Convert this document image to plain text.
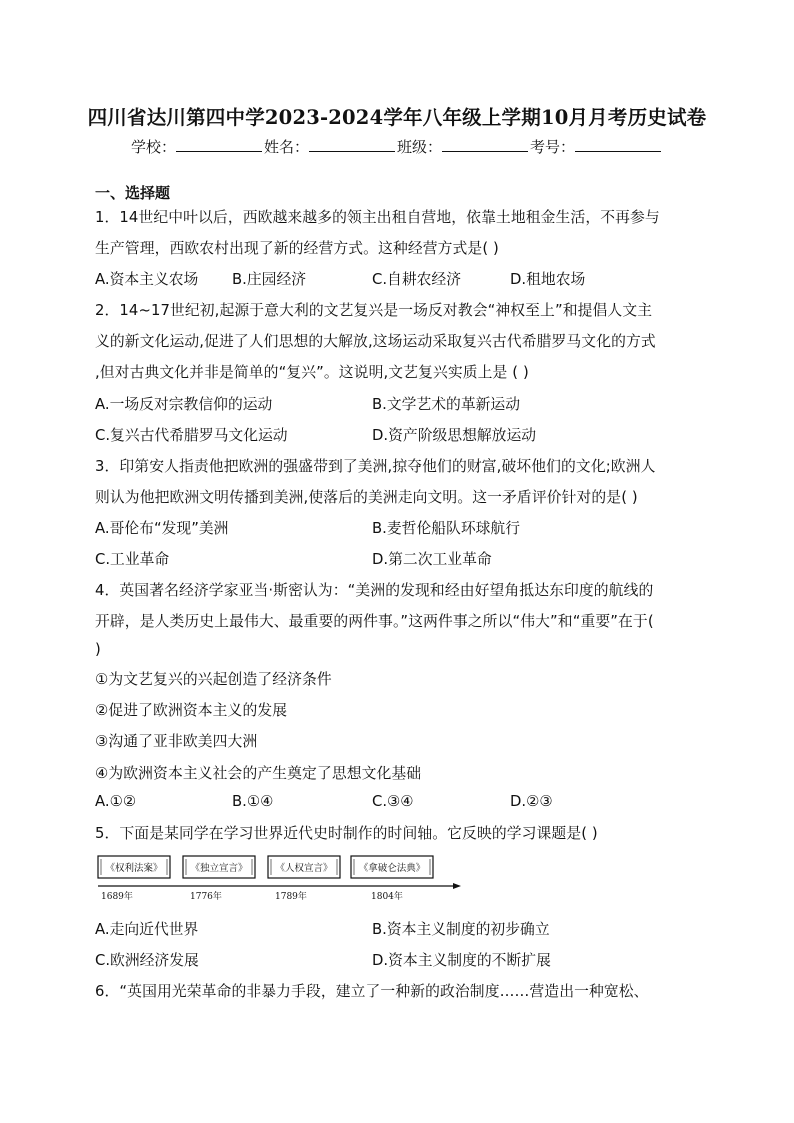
四川省达川第四中学2023-2024学年八年级上学期10月月考历史试卷
学校：	姓名：	班级：	考号：
一、选择题
1．14世纪中叶以后，西欧越来越多的领主出租自营地，依靠土地租金生活，不再参与
生产管理，西欧农村出现了新的经营方式。这种经营方式是( )
A.资本主义农场 B.庄园经济	C.自耕农经济	D.租地农场
2．14~17世纪初,起源于意大利的文艺复兴是一场反对教会“神权至上”和提倡人文主
义的新文化运动,促进了人们思想的大解放,这场运动采取复兴古代希腊罗马文化的方式
,但对古典文化并非是简单的“复兴”。这说明,文艺复兴实质上是 ( )
A.一场反对宗教信仰的运动	B.文学艺术的革新运动
C.复兴古代希腊罗马文化运动	D.资产阶级思想解放运动
3．印第安人指责他把欧洲的强盛带到了美洲,掠夺他们的财富,破坏他们的文化;欧洲人
则认为他把欧洲文明传播到美洲,使落后的美洲走向文明。这一矛盾评价针对的是( )
A.哥伦布“发现”美洲	B.麦哲伦船队环球航行
C.工业革命	D.第二次工业革命
4．英国著名经济学家亚当·斯密认为：“美洲的发现和经由好望角抵达东印度的航线的
开辟，是人类历史上最伟大、最重要的两件事。”这两件事之所以“伟大”和“重要”在于(
)
①为文艺复兴的兴起创造了经济条件
②促进了欧洲资本主义的发展
③沟通了亚非欧美四大洲
④为欧洲资本主义社会的产生奠定了思想文化基础
A.①②	B.①④	C.③④	D.②③
5．下面是某同学在学习世界近代史时制作的时间轴。它反映的学习课题是( )
《权利法案》	《独立宣言》	《人权宣言》	《拿破仑法典》
1689年	1776年	1789年	1804年
A.走向近代世界	B.资本主义制度的初步确立
C.欧洲经济发展	D.资本主义制度的不断扩展
6．“英国用光荣革命的非暴力手段，建立了一种新的政治制度……营造出一种宽松、
